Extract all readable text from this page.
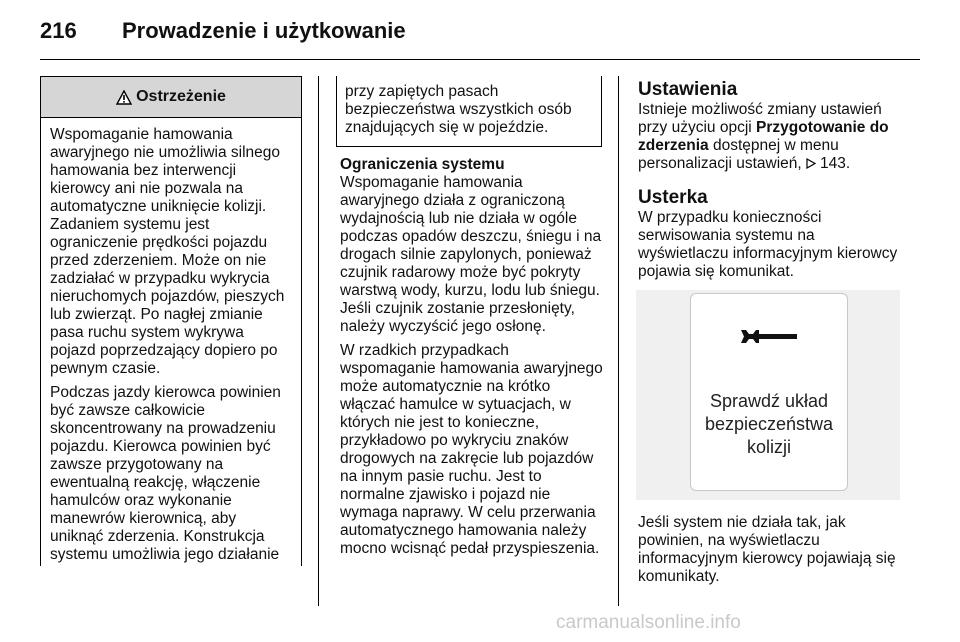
216 Prowadzenie i użytkowanie
Ostrzeżenie

Wspomaganie hamowania awaryjnego nie umożliwia silnego hamowania bez interwencji kierowcy ani nie pozwala na automatyczne uniknięcie kolizji. Zadaniem systemu jest ograniczenie prędkości pojazdu przed zderzeniem. Może on nie zadziałać w przypadku wykrycia nieruchomych pojazdów, pieszych lub zwierząt. Po nagłej zmianie pasa ruchu system wykrywa pojazd poprzedzający dopiero po pewnym czasie.

Podczas jazdy kierowca powinien być zawsze całkowicie skoncentrowany na prowadzeniu pojazdu. Kierowca powinien być zawsze przygotowany na ewentualną reakcję, włączenie hamulców oraz wykonanie manewrów kierownicą, aby uniknąć zderzenia. Konstrukcja systemu umożliwia jego działanie

przy zapiętych pasach bezpieczeństwa wszystkich osób znajdujących się w pojeździe.

Ograniczenia systemu

Wspomaganie hamowania awaryjnego działa z ograniczoną wydajnością lub nie działa w ogóle podczas opadów deszczu, śniegu i na drogach silnie zapylonych, ponieważ czujnik radarowy może być pokryty warstwą wody, kurzu, lodu lub śniegu. Jeśli czujnik zostanie przesłonięty, należy wyczyścić jego osłonę.

W rzadkich przypadkach wspomaganie hamowania awaryjnego może automatycznie na krótko włączać hamulce w sytuacjach, w których nie jest to konieczne, przykładowo po wykryciu znaków drogowych na zakręcie lub pojazdów na innym pasie ruchu. Jest to normalne zjawisko i pojazd nie wymaga naprawy. W celu przerwania automatycznego hamowania należy mocno wcisnąć pedał przyspieszenia.

Ustawienia

Istnieje możliwość zmiany ustawień przy użyciu opcji Przygotowanie do zderzenia dostępnej w menu personalizacji ustawień, 143.

Usterka

W przypadku konieczności serwisowania systemu na wyświetlaczu informacyjnym kierowcy pojawia się komunikat.

Sprawdź układ bezpieczeństwa kolizji

Jeśli system nie działa tak, jak powinien, na wyświetlaczu informacyjnym kierowcy pojawiają się komunikaty.

carmanualsonline.info
